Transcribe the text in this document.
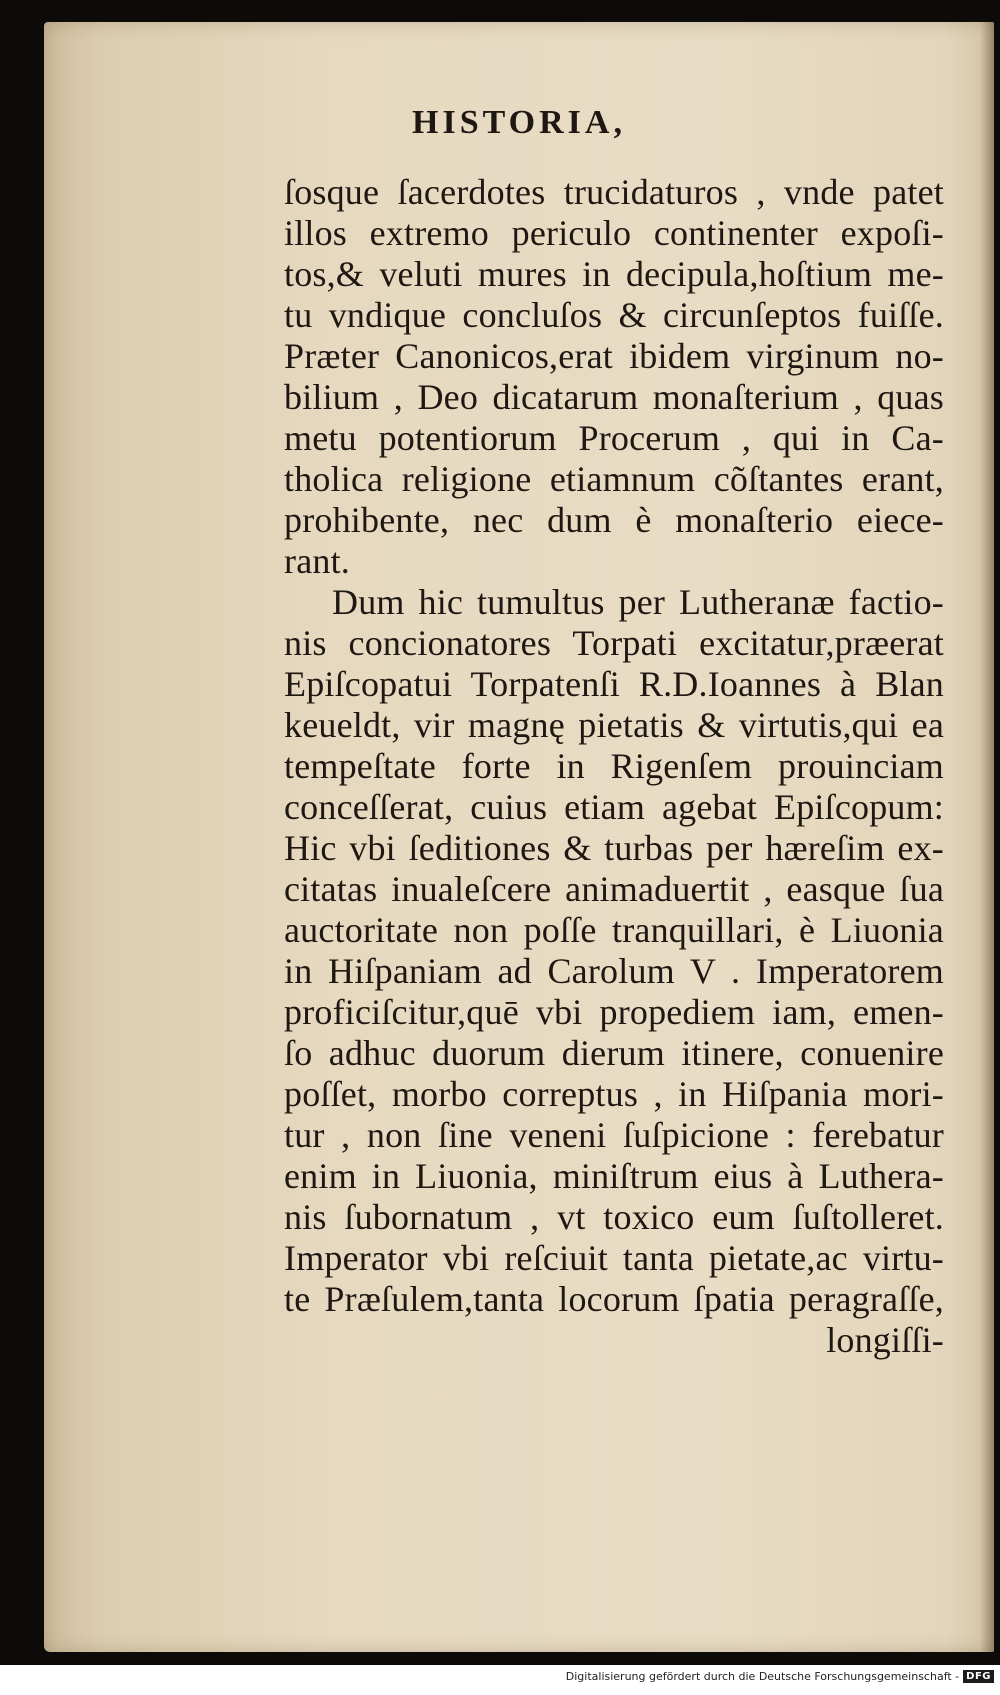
HISTORIA,
ſosque ſacerdotes trucidaturos , vnde patet
illos extremo periculo continenter expoſi-
tos,& veluti mures in decipula,hoſtium me-
tu vndique concluſos & circunſeptos fuiſſe.
Præter Canonicos,erat ibidem virginum no-
bilium , Deo dicatarum monaſterium , quas
metu potentiorum Procerum , qui in Ca-
tholica religione etiamnum cõſtantes erant,
prohibente, nec dum è monaſterio eiece-
rant.
Dum hic tumultus per Lutheranæ factio-
nis concionatores Torpati excitatur,præerat
Epiſcopatui Torpatenſi R.D.Ioannes à Blan
keueldt, vir magnę pietatis & virtutis,qui ea
tempeſtate forte in Rigenſem prouinciam
conceſſerat, cuius etiam agebat Epiſcopum:
Hic vbi ſeditiones & turbas per hæreſim ex-
citatas inualeſcere animaduertit , easque ſua
auctoritate non poſſe tranquillari, è Liuonia
in Hiſpaniam ad Carolum V . Imperatorem
proficiſcitur,quē vbi propediem iam, emen-
ſo adhuc duorum dierum itinere, conuenire
poſſet, morbo correptus , in Hiſpania mori-
tur , non ſine veneni ſuſpicione : ferebatur
enim in Liuonia, miniſtrum eius à Luthera-
nis ſubornatum , vt toxico eum ſuſtolleret.
Imperator vbi reſciuit tanta pietate,ac virtu-
te Præſulem,tanta locorum ſpatia peragraſſe,
longiſſi-
Digitalisierung gefördert durch die Deutsche Forschungsgemeinschaft - DFG
